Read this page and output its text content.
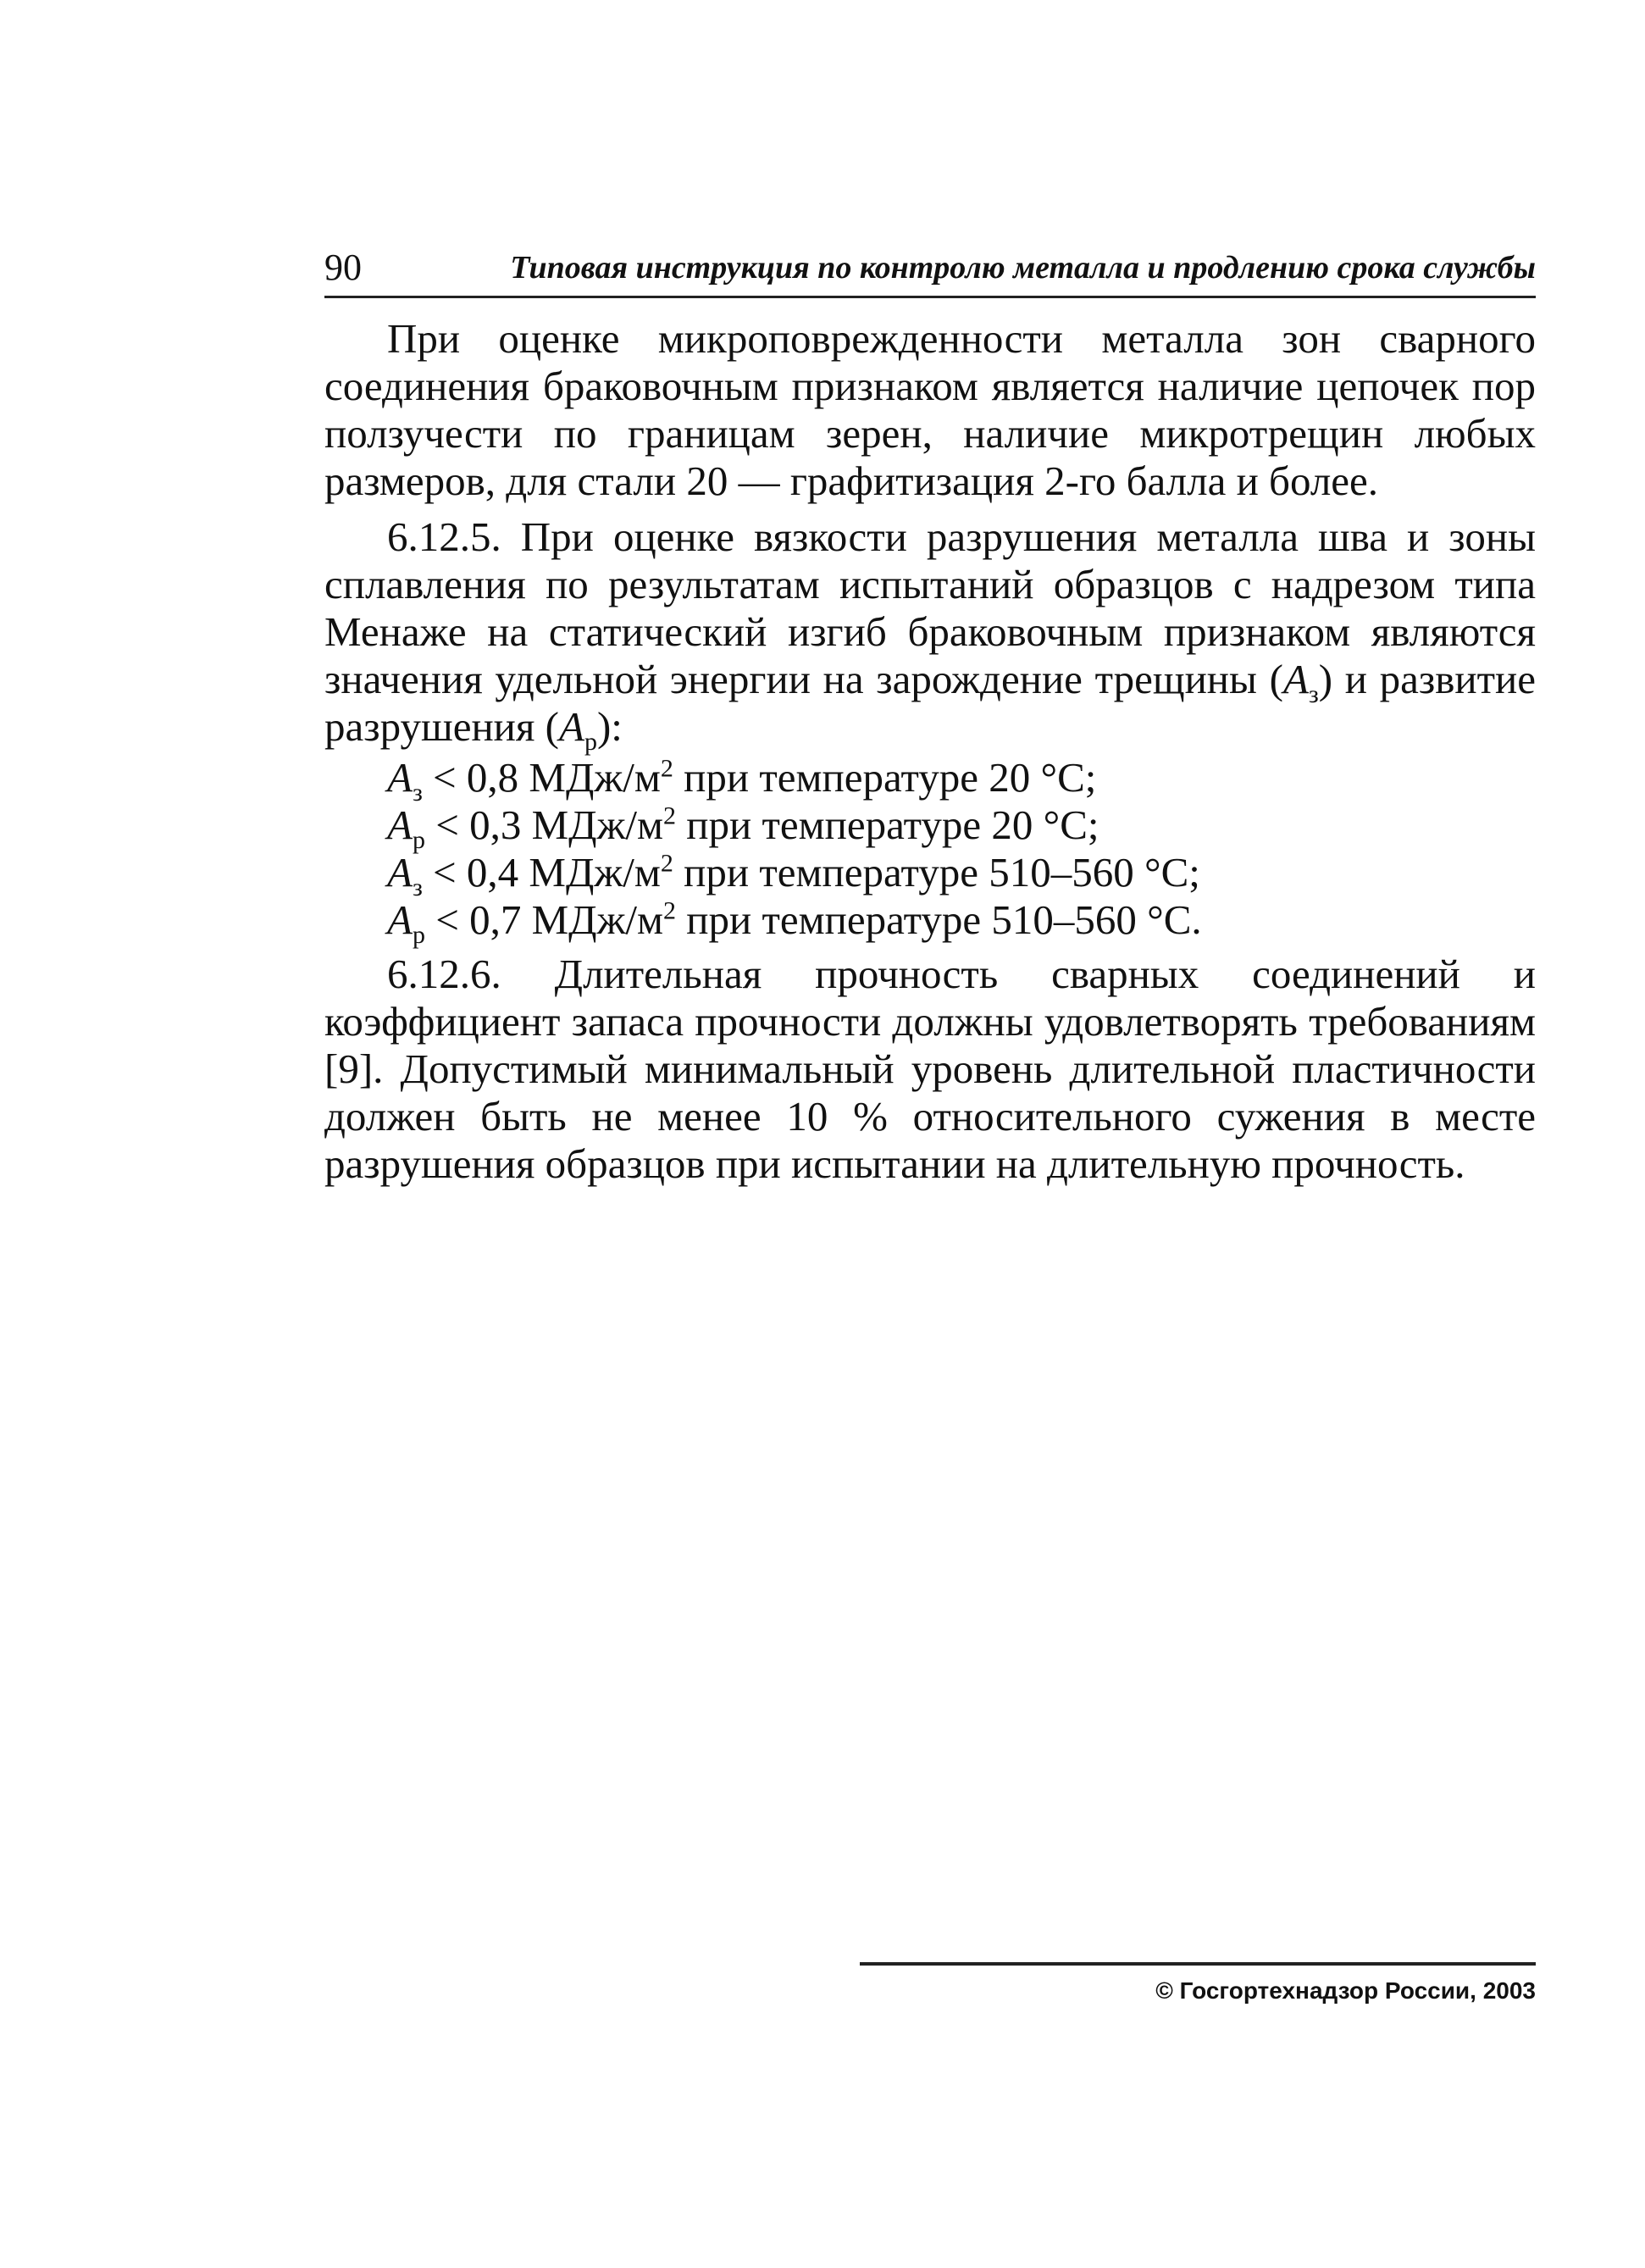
90	Типовая инструкция по контролю металла и продлению срока службы

При оценке микроповрежденности металла зон сварного соединения браковочным признаком является наличие цепочек пор ползучести по границам зерен, наличие микротрещин любых размеров, для стали 20 — графитизация 2-го балла и более.

6.12.5. При оценке вязкости разрушения металла шва и зоны сплавления по результатам испытаний образцов с надрезом типа Менаже на статический изгиб браковочным признаком являются значения удельной энергии на зарождение трещины $(A_з)$ и развитие разрушения $(A_р)$:

$A_з < 0,8$ МДж/$м^2$ при температуре 20 °С;
$A_р < 0,3$ МДж/$м^2$ при температуре 20 °С;
$A_з < 0,4$ МДж/$м^2$ при температуре 510–560 °С;
$A_р < 0,7$ МДж/$м^2$ при температуре 510–560 °С.

6.12.6. Длительная прочность сварных соединений и коэффициент запаса прочности должны удовлетворять требованиям [9]. Допустимый минимальный уровень длительной пластичности должен быть не менее 10 % относительного сужения в месте разрушения образцов при испытании на длительную прочность.

© Госгортехнадзор России, 2003
